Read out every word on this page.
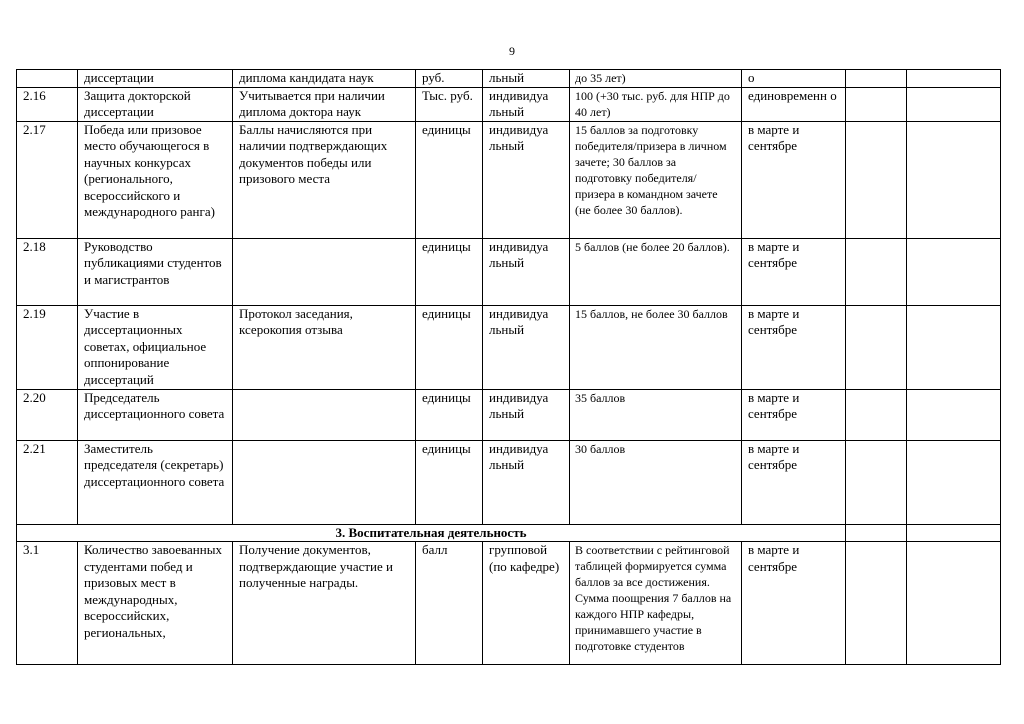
9
	диссертации	диплома кандидата наук	руб.	льный	до 35 лет)	о		
2.16	Защита докторской диссертации	Учитывается при наличии диплома доктора наук	Тыс. руб.	индивидуа льный	100 (+30 тыс. руб. для НПР до 40 лет)	единовременн о		
2.17	Победа или призовое место обучающегося в научных конкурсах (регионального, всероссийского и международного ранга)	Баллы начисляются при наличии подтверждающих документов победы или призового места	единицы	индивидуа льный	15 баллов за подготовку победителя/призера в личном зачете; 30 баллов за подготовку победителя/ призера в командном зачете (не более 30 баллов).	в марте и сентябре		
2.18	Руководство публикациями студентов и магистрантов		единицы	индивидуа льный	5 баллов (не более 20 баллов).	в марте и сентябре		
2.19	Участие в диссертационных советах, официальное оппонирование диссертаций	Протокол заседания, ксерокопия отзыва	единицы	индивидуа льный	15 баллов, не более 30 баллов	в марте и сентябре		
2.20	Председатель диссертационного совета		единицы	индивидуа льный	35 баллов	в марте и сентябре		
2.21	Заместитель председателя (секретарь) диссертационного совета		единицы	индивидуа льный	30 баллов	в марте и сентябре		
3. Воспитательная деятельность								
3.1	Количество завоеванных студентами побед и призовых мест в международных, всероссийских, региональных,	Получение документов, подтверждающие участие и полученные награды.	балл	групповой (по кафедре)	В соответствии с рейтинговой таблицей формируется сумма баллов за все достижения. Сумма поощрения 7 баллов на каждого НПР кафедры, принимавшего участие в подготовке студентов	в марте и сентябре		
